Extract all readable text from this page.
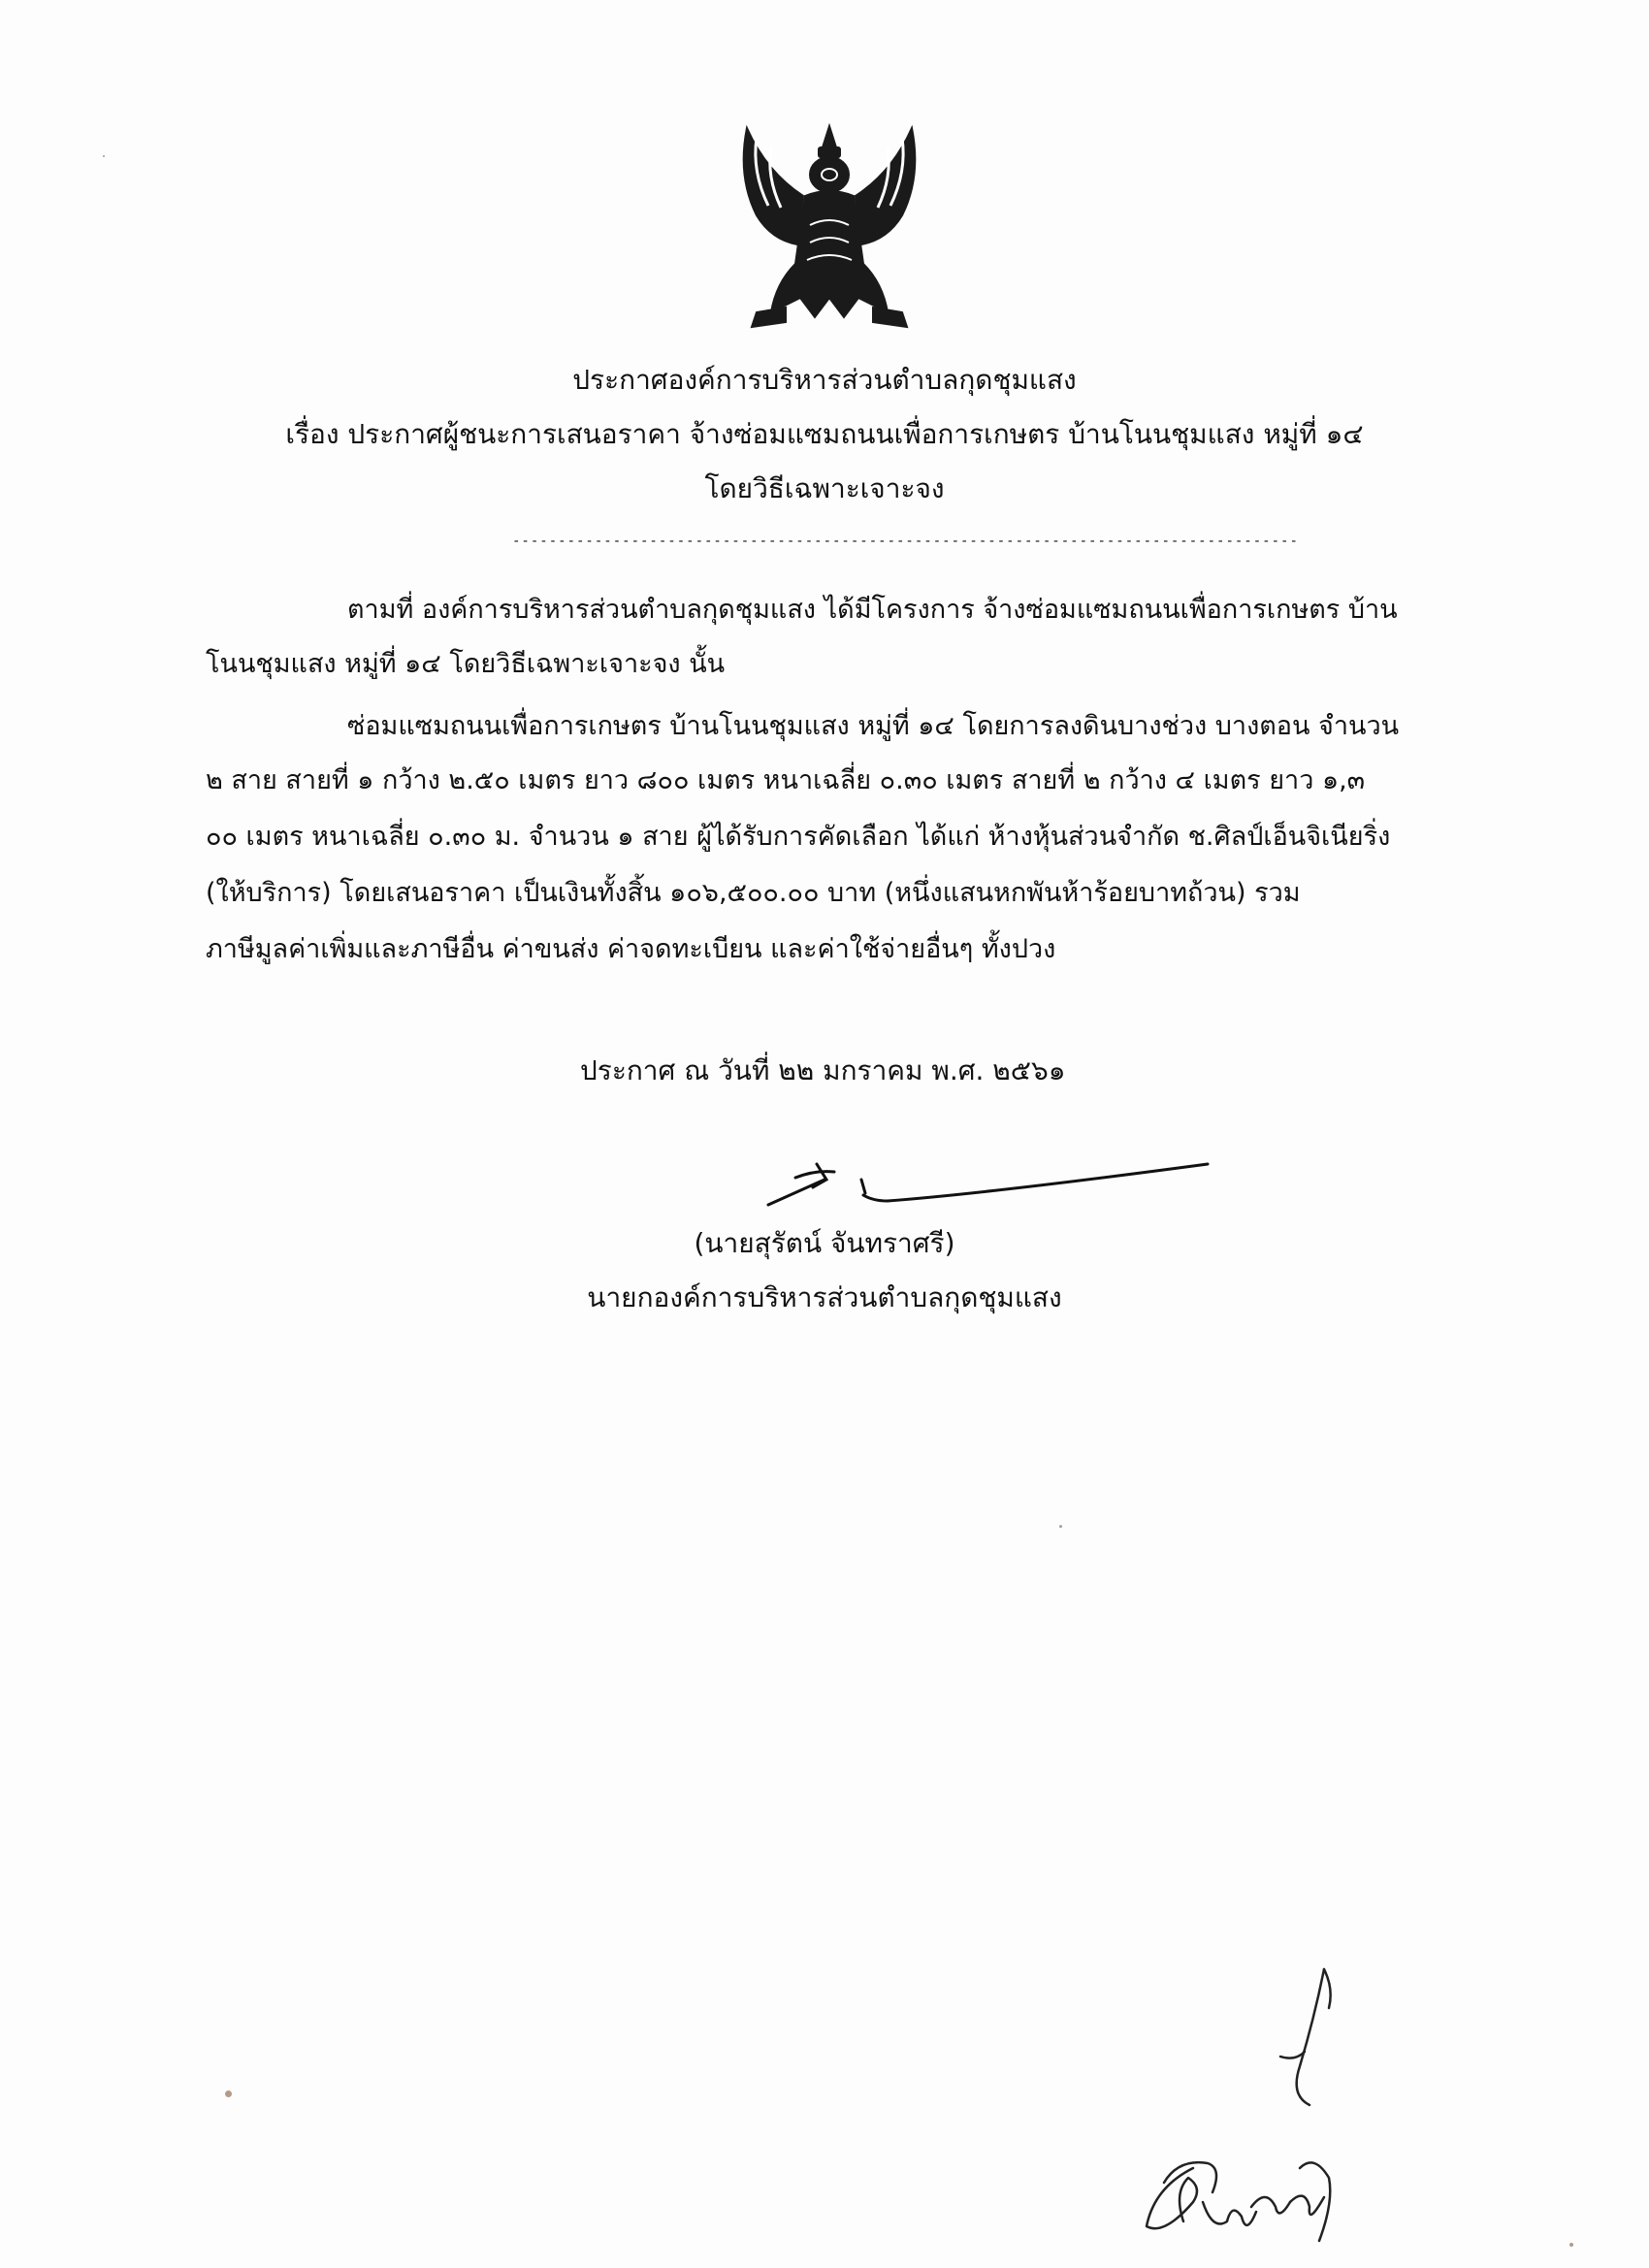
ประกาศองค์การบริหารส่วนตำบลกุดชุมแสง
เรื่อง ประกาศผู้ชนะการเสนอราคา จ้างซ่อมแซมถนนเพื่อการเกษตร บ้านโนนชุมแสง หมู่ที่ ๑๔
โดยวิธีเฉพาะเจาะจง
--------------------------------------------------------------------------------------
ตามที่ องค์การบริหารส่วนตำบลกุดชุมแสง ได้มีโครงการ จ้างซ่อมแซมถนนเพื่อการเกษตร บ้าน
โนนชุมแสง หมู่ที่ ๑๔ โดยวิธีเฉพาะเจาะจง นั้น
ซ่อมแซมถนนเพื่อการเกษตร บ้านโนนชุมแสง หมู่ที่ ๑๔ โดยการลงดินบางช่วง บางตอน จำนวน
๒ สาย สายที่ ๑ กว้าง ๒.๕๐ เมตร ยาว ๘๐๐ เมตร หนาเฉลี่ย ๐.๓๐ เมตร สายที่ ๒ กว้าง ๔ เมตร ยาว ๑,๓
๐๐ เมตร หนาเฉลี่ย ๐.๓๐ ม. จำนวน ๑ สาย ผู้ได้รับการคัดเลือก ได้แก่ ห้างหุ้นส่วนจำกัด ช.ศิลป์เอ็นจิเนียริ่ง
(ให้บริการ) โดยเสนอราคา เป็นเงินทั้งสิ้น ๑๐๖,๕๐๐.๐๐ บาท (หนึ่งแสนหกพันห้าร้อยบาทถ้วน) รวม
ภาษีมูลค่าเพิ่มและภาษีอื่น ค่าขนส่ง ค่าจดทะเบียน และค่าใช้จ่ายอื่นๆ ทั้งปวง
ประกาศ ณ วันที่ ๒๒ มกราคม พ.ศ. ๒๕๖๑
(นายสุรัตน์ จันทราศรี)
นายกองค์การบริหารส่วนตำบลกุดชุมแสง
